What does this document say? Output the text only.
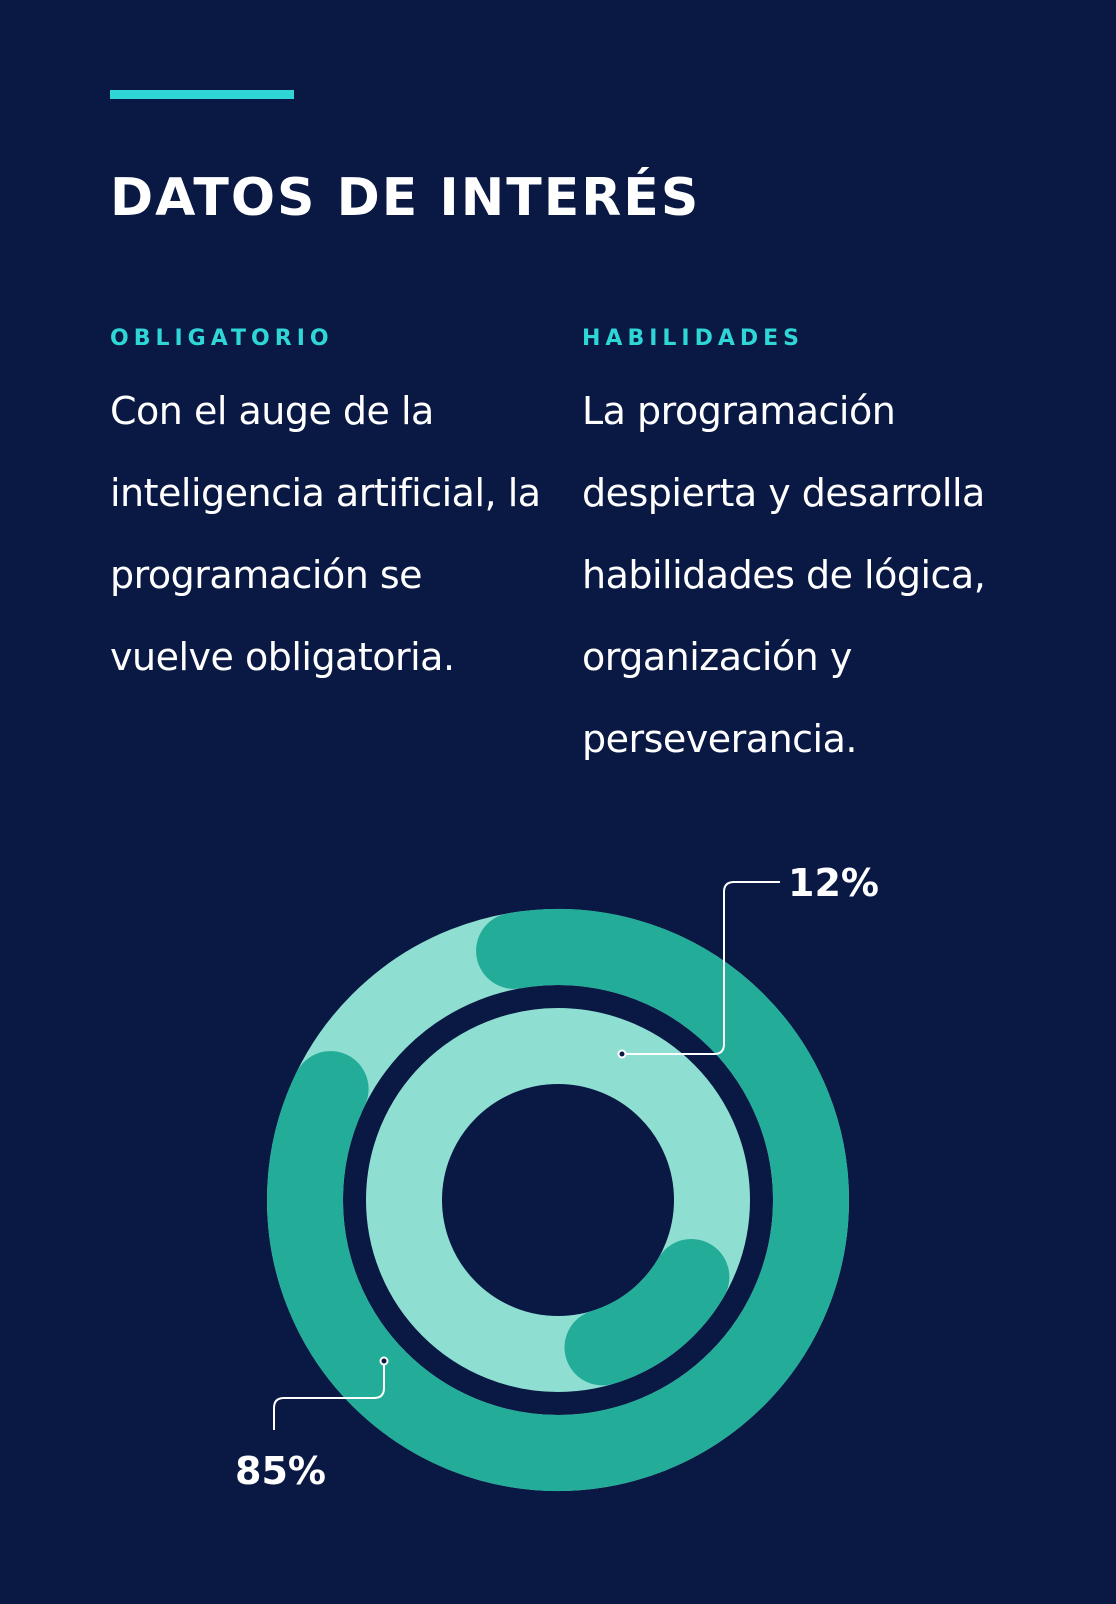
DATOS DE INTERÉS

OBLIGATORIO

Con el auge de la
inteligencia artificial, la
programación se
vuelve obligatoria.

HABILIDADES

La programación
despierta y desarrolla
habilidades de lógica,
organización y
perseverancia.

85%
12%
